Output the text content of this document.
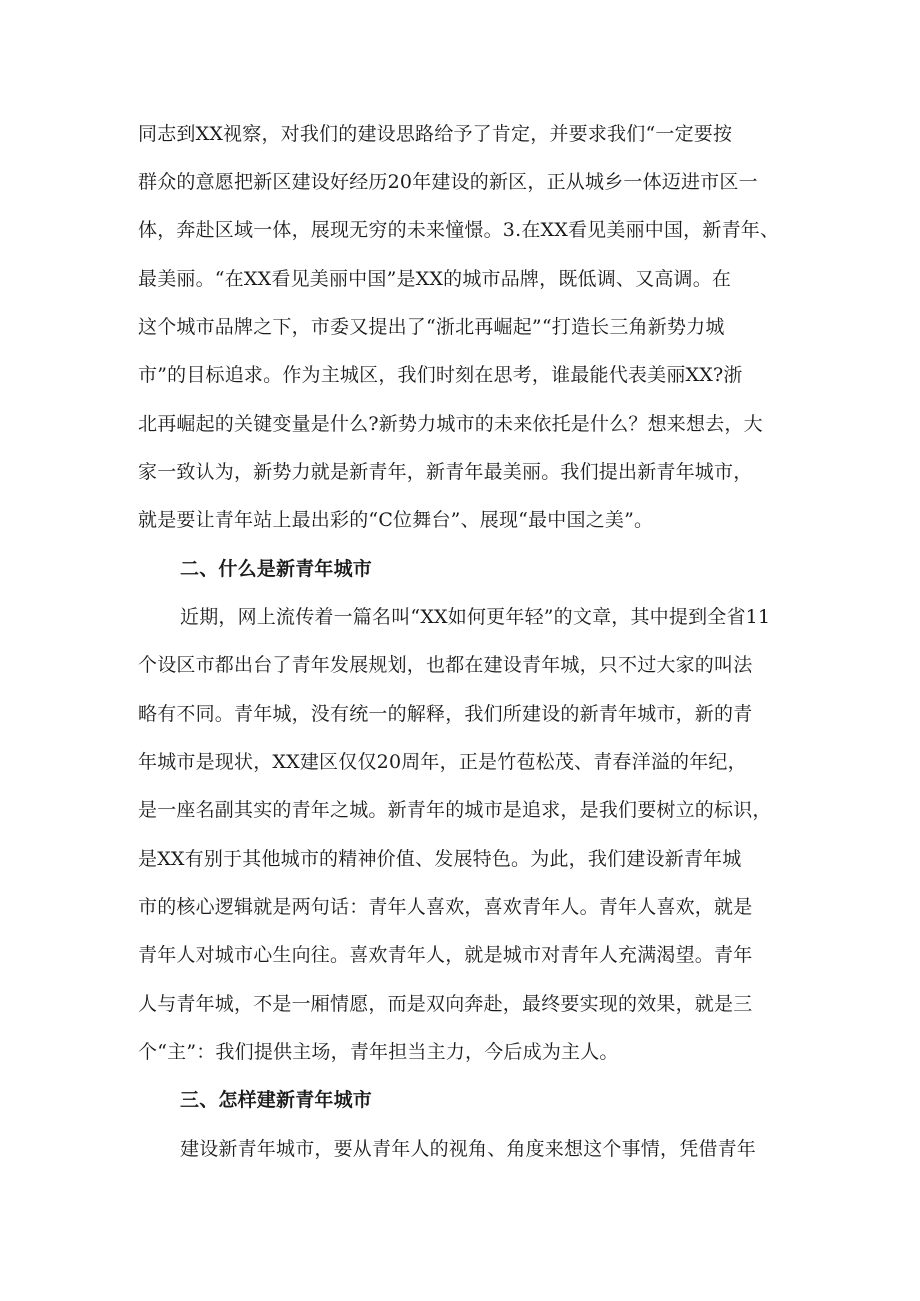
同志到XX视察，对我们的建设思路给予了肯定，并要求我们“一定要按
群众的意愿把新区建设好经历20年建设的新区，正从城乡一体迈进市区一
体，奔赴区域一体，展现无穷的未来憧憬。3.在XX看见美丽中国，新青年、
最美丽。“在XX看见美丽中国”是XX的城市品牌，既低调、又高调。在
这个城市品牌之下，市委又提出了“浙北再崛起”“打造长三角新势力城
市”的目标追求。作为主城区，我们时刻在思考，谁最能代表美丽XX?浙
北再崛起的关键变量是什么?新势力城市的未来依托是什么？想来想去，大
家一致认为，新势力就是新青年，新青年最美丽。我们提出新青年城市，
就是要让青年站上最出彩的“C位舞台”、展现“最中国之美”。
二、什么是新青年城市
近期，网上流传着一篇名叫“XX如何更年轻”的文章，其中提到全省11
个设区市都出台了青年发展规划，也都在建设青年城，只不过大家的叫法
略有不同。青年城，没有统一的解释，我们所建设的新青年城市，新的青
年城市是现状，XX建区仅仅20周年，正是竹苞松茂、青春洋溢的年纪，
是一座名副其实的青年之城。新青年的城市是追求，是我们要树立的标识，
是XX有别于其他城市的精神价值、发展特色。为此，我们建设新青年城
市的核心逻辑就是两句话：青年人喜欢，喜欢青年人。青年人喜欢，就是
青年人对城市心生向往。喜欢青年人，就是城市对青年人充满渴望。青年
人与青年城，不是一厢情愿，而是双向奔赴，最终要实现的效果，就是三
个“主”：我们提供主场，青年担当主力，今后成为主人。
三、怎样建新青年城市
建设新青年城市，要从青年人的视角、角度来想这个事情，凭借青年
